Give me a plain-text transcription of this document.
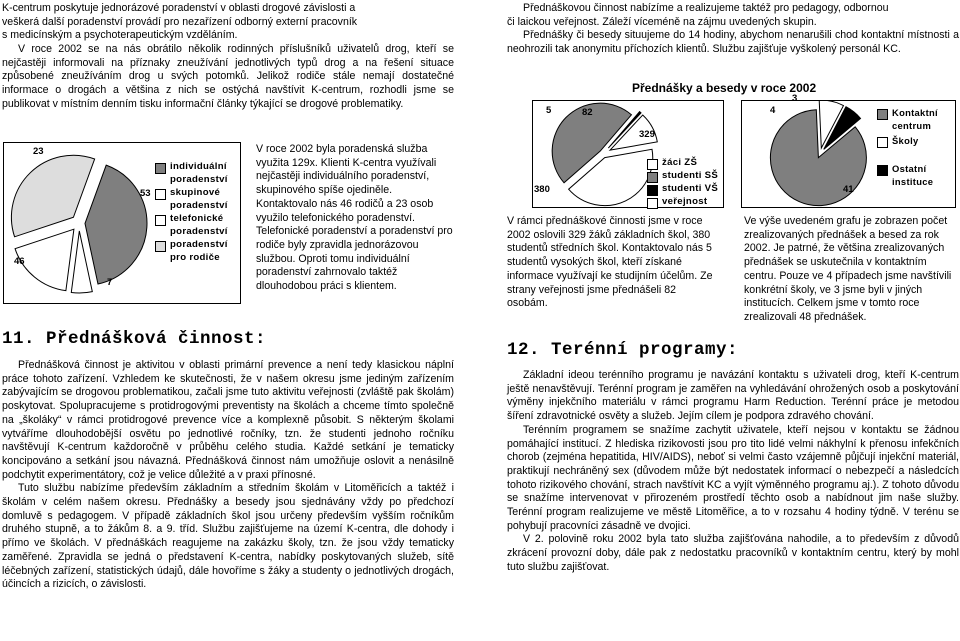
K-centrum poskytuje jednorázové poradenství v oblasti drogové závislosti a
veškerá další poradenství provádí pro nezařízení odborný externí pracovník
s medicínským a psychoterapeutickým vzděláním.

V roce 2002 se na nás obrátilo několik rodinných příslušníků uživatelů drog, kteří se nejčastěji informovali na příznaky zneužívání jednotlivých typů drog a na řešení situace způsobené zneužíváním drog u svých potomků. Jelikož rodiče stále nemají dostatečné informace o drogách a většina z nich se ostýchá navštívit K-centrum, rozhodli jsme se publikovat v místním denním tisku informační články týkající se drogové problematiky.

23
53
46
7
individuální poradenství
skupinové poradenství
telefonické poradenství
poradenství pro rodiče

V roce 2002 byla poradenská služba využita 129x. Klienti K-centra využívali nejčastěji individuálního poradenství, skupinového spíše ojediněle. Kontaktovalo nás 46 rodičů a 23 osob využilo telefonického poradenství. Telefonické poradenství a poradenství pro rodiče byly zpravidla jednorázovou službou. Oproti tomu individuální poradenství zahrnovalo taktéž dlouhodobou práci s klientem.

11. Přednášková činnost:

Přednášková činnost je aktivitou v oblasti primární prevence a není tedy klasickou náplní práce tohoto zařízení. Vzhledem ke skutečnosti, že v našem okresu jsme jediným zařízením zabývajícím se drogovou problematikou, začali jsme tuto aktivitu veřejnosti (zvláště pak školám) poskytovat. Spolupracujeme s protidrogovými preventisty na školách a chceme tímto společně na „školáky“ v rámci protidrogové prevence více a komplexně působit. S některým školami vytváříme dlouhodobější osvětu po jednotlivé ročníky, tzn. že studenti jednoho ročníku navštěvují K-centrum každoročně v průběhu celého studia. Každé setkání je tematicky koncipováno a setkání jsou návazná. Přednášková činnost nám umožňuje oslovit a nenásilně podchytit experimentátory, což je velice důležité a v praxi přínosné.

Tuto službu nabízíme především základním a středním školám v Litoměřicích a taktéž i školám v celém našem okresu. Přednášky a besedy jsou sjednávány vždy po předchozí domluvě s pedagogem. V případě základních škol jsou určeny především vyšším ročníkům druhého stupně, a to žákům 8. a 9. tříd. Službu zajišťujeme na území K-centra, dle dohody i přímo ve školách. V přednáškách reagujeme na zakázku školy, tzn. že jsou vždy tematicky zaměřené. Zpravidla se jedná o představení K-centra, nabídky poskytovaných služeb, sítě léčebných zařízení, statistických údajů, dále hovoříme s žáky a studenty o jednotlivých drogách, účincích a rizicích, o závislosti.

Přednáškovou činnost nabízíme a realizujeme taktéž pro pedagogy, odbornou
či laickou veřejnost. Záleží víceméně na zájmu uvedených skupin.

Přednášky či besedy situujeme do 14 hodiny, abychom nenarušili chod kontaktní místnosti a neohrozili tak anonymitu příchozích klientů. Službu zajišťuje vyškolený personál KC.

Přednášky a besedy v roce 2002
5	82
329
380
žáci ZŠ
studenti SŠ
studenti VŠ
veřejnost
3
4
41
Kontaktní centrum
Školy
Ostatní instituce

V rámci přednáškové činnosti jsme v roce 2002 oslovili 329 žáků základních škol, 380 studentů středních škol. Kontaktovalo nás 5 studentů vysokých škol, kteří získané informace využívají ke studijním účelům. Ze strany veřejnosti jsme přednášeli 82 osobám.

Ve výše uvedeném grafu je zobrazen počet zrealizovaných přednášek a besed za rok 2002. Je patrné, že většina zrealizovaných přednášek se uskutečnila v kontaktním centru. Pouze ve 4 případech jsme navštívili konkrétní školy, ve 3 jsme byli v jiných institucích. Celkem jsme v tomto roce zrealizovali 48 přednášek.

12. Terénní programy:

Základní ideou terénního programu je navázání kontaktu s uživateli drog, kteří K-centrum ještě nenavštěvují. Terénní program je zaměřen na vyhledávání ohrožených osob a poskytování výměny injekčního materiálu v rámci programu Harm Reduction. Terénní práce je metodou šíření zdravotnické osvěty a služeb. Jejím cílem je podpora zdravého chování.

Terénním programem se snažíme zachytit uživatele, kteří nejsou v kontaktu se žádnou pomáhající institucí. Z hlediska rizikovosti jsou pro tito lidé velmi nákhylní k přenosu infekčních chorob (zejména hepatitida, HIV/AIDS), neboť si velmi často vzájemně půjčují injekční materiál, praktikují nechráněný sex (důvodem může být nedostatek informací o nebezpečí a následcích tohoto rizikového chování, strach navštívit KC a vyjít výměnného programu aj.). Z tohoto důvodu se snažíme intervenovat v přirozeném prostředí těchto osob a nabídnout jim naše služby. Terénní program realizujeme ve městě Litoměřice, a to v rozsahu 4 hodiny týdně. V terénu se pohybují pracovníci zásadně ve dvojici.

V 2. polovině roku 2002 byla tato služba zajišťována nahodile, a to především z důvodů zkrácení provozní doby, dále pak z nedostatku pracovníků v kontaktním centru, který by mohl tuto službu zajišťovat.
